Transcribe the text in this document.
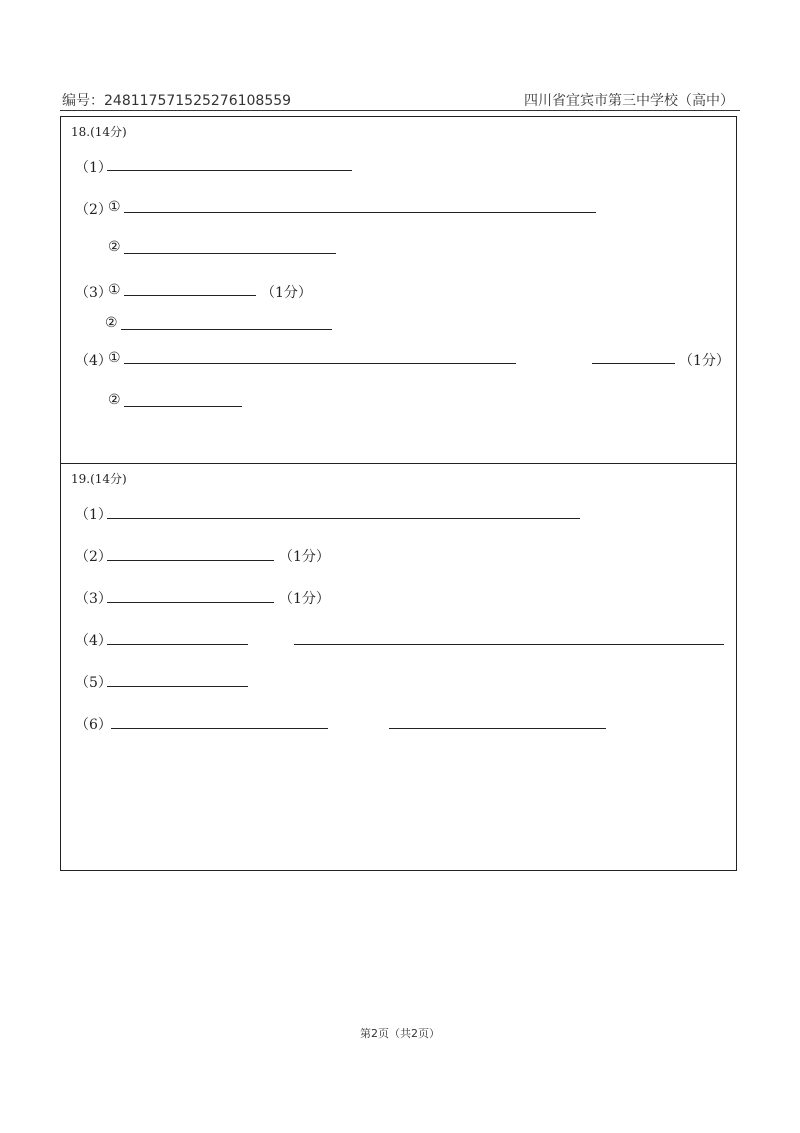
编号：24811757152527610855​9	四川省宜宾市第三中学校（高中）
18.(14分)
（1）
（2）
①
②
（3）
①	（1分）
②
（4）
①	（1分）
②
19.(14分)
（1）
（2）	（1分）
（3）	（1分）
（4）
（5）
（6）
第2页（共2页）
